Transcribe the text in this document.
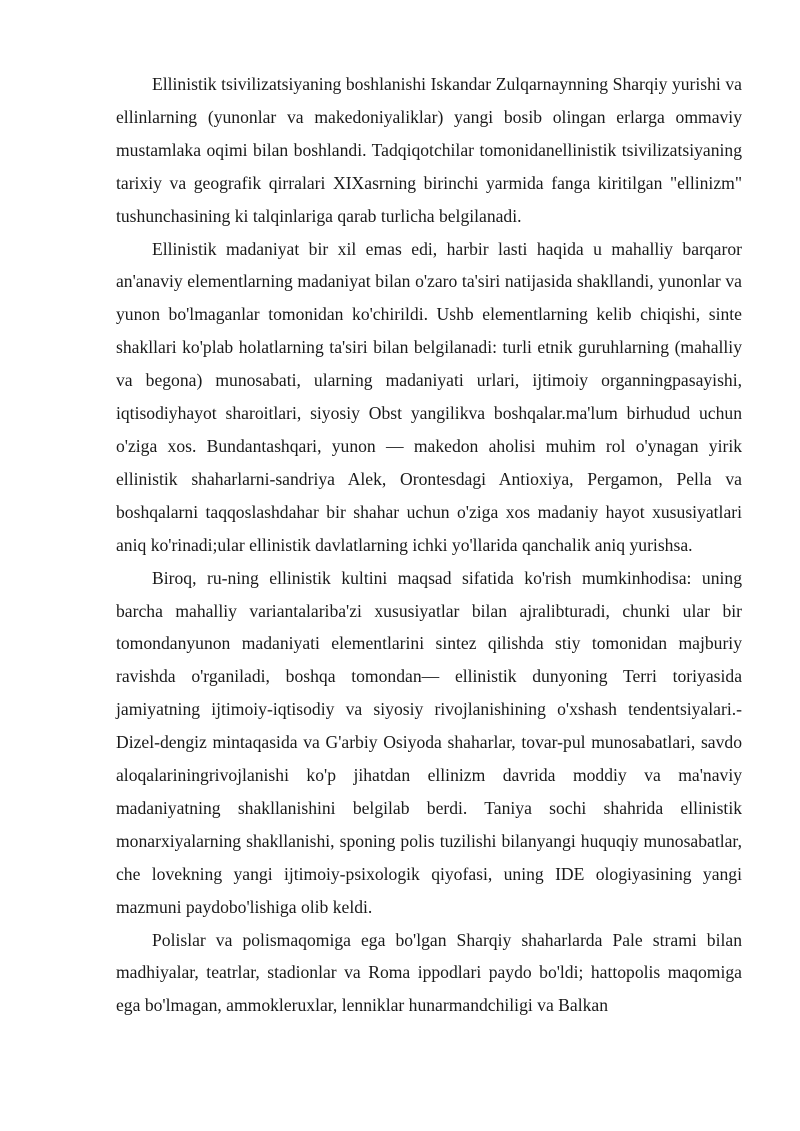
Ellinistik tsivilizatsiyaning boshlanishi Iskandar Zulqarnaynning Sharqiy yurishi va ellinlarning (yunonlar va makedoniyaliklar) yangi bosib olingan erlarga ommaviy mustamlaka oqimi bilan boshlandi. Tadqiqotchilar tomonidanellinistik tsivilizatsiyaning tarixiy va geografik qirralari XIXasrning birinchi yarmida fanga kiritilgan "ellinizm" tushunchasining ki talqinlariga qarab turlicha belgilanadi.

Ellinistik madaniyat bir xil emas edi, harbir lasti haqida u mahalliy barqaror an'anaviy elementlarning madaniyat bilan o'zaro ta'siri natijasida shakllandi, yunonlar va yunon bo'lmaganlar tomonidan ko'chirildi. Ushb elementlarning kelib chiqishi, sinte shakllari ko'plab holatlarning ta'siri bilan belgilanadi: turli etnik guruhlarning (mahalliy va begona) munosabati, ularning madaniyati urlari, ijtimoiy organningpasayishi, iqtisodiyhayot sharoitlari, siyosiy Obst yangilikva boshqalar.ma'lum birhudud uchun o'ziga xos. Bundantashqari, yunon — makedon aholisi muhim rol o'ynagan yirik ellinistik shaharlarni-sandriya Alek, Orontesdagi Antioxiya, Pergamon, Pella va boshqalarni taqqoslashdahar bir shahar uchun o'ziga xos madaniy hayot xususiyatlari aniq ko'rinadi;ular ellinistik davlatlarning ichki yo'llarida qanchalik aniq yurishsa.

Biroq, ru-ning ellinistik kultini maqsad sifatida ko'rish mumkinhodisa: uning barcha mahalliy variantalariba'zi xususiyatlar bilan ajralibturadi, chunki ular bir tomondanyunon madaniyati elementlarini sintez qilishda stiy tomonidan majburiy ravishda o'rganiladi, boshqa tomondan— ellinistik dunyoning Terri toriyasida jamiyatning ijtimoiy-iqtisodiy va siyosiy rivojlanishining o'xshash tendentsiyalari.-Dizel-dengiz mintaqasida va G'arbiy Osiyoda shaharlar, tovar-pul munosabatlari, savdo aloqalariningrivojlanishi ko'p jihatdan ellinizm davrida moddiy va ma'naviy madaniyatning shakllanishini belgilab berdi. Taniya sochi shahrida ellinistik monarxiyalarning shakllanishi, sponing polis tuzilishi bilanyangi huquqiy munosabatlar, che lovekning yangi ijtimoiy-psixologik qiyofasi, uning IDE ologiyasining yangi mazmuni paydobo'lishiga olib keldi.

Polislar va polismaqomiga ega bo'lgan Sharqiy shaharlarda Pale strami bilan madhiyalar, teatrlar, stadionlar va Roma ippodlari paydo bo'ldi; hattopolis maqomiga ega bo'lmagan, ammokleruxlar, lenniklar hunarmandchiligi va Balkan
